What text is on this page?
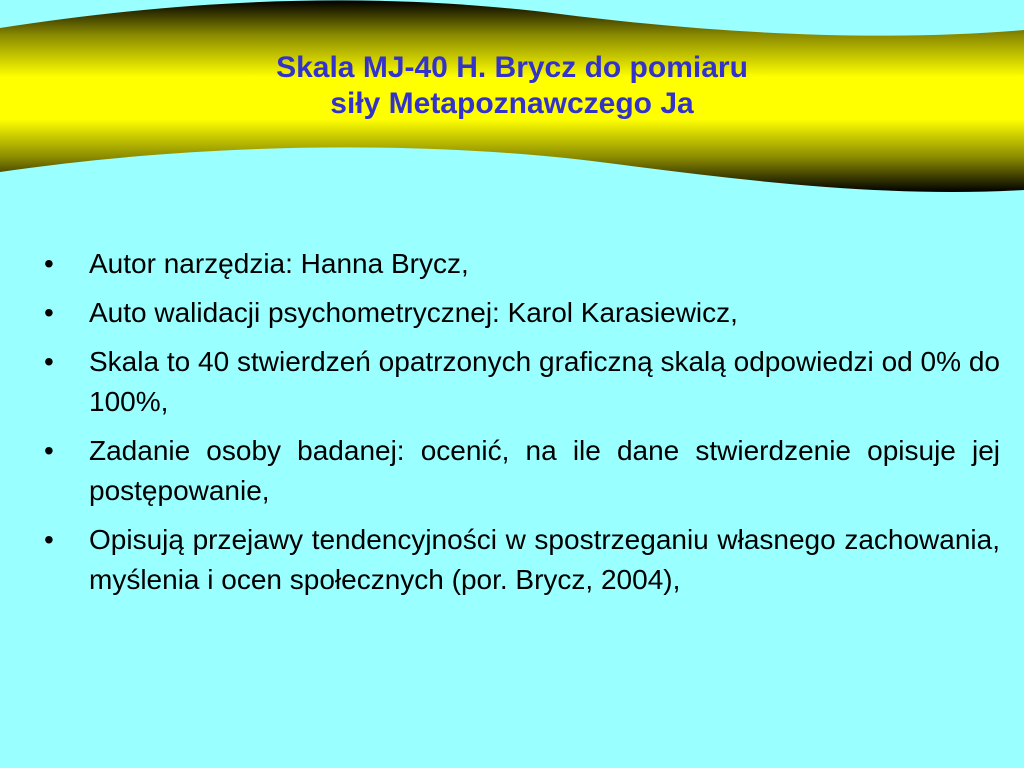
Skala MJ-40 H. Brycz do pomiaru
siły Metapoznawczego Ja
• Autor narzędzia: Hanna Brycz,
• Auto walidacji psychometrycznej: Karol Karasiewicz,
• Skala to 40 stwierdzeń opatrzonych graficzną skalą odpowiedzi od 0% do 100%,
• Zadanie osoby badanej: ocenić, na ile dane stwierdzenie opisuje jej postępowanie,
• Opisują przejawy tendencyjności w spostrzeganiu własnego zachowania, myślenia i ocen społecznych (por. Brycz, 2004),
